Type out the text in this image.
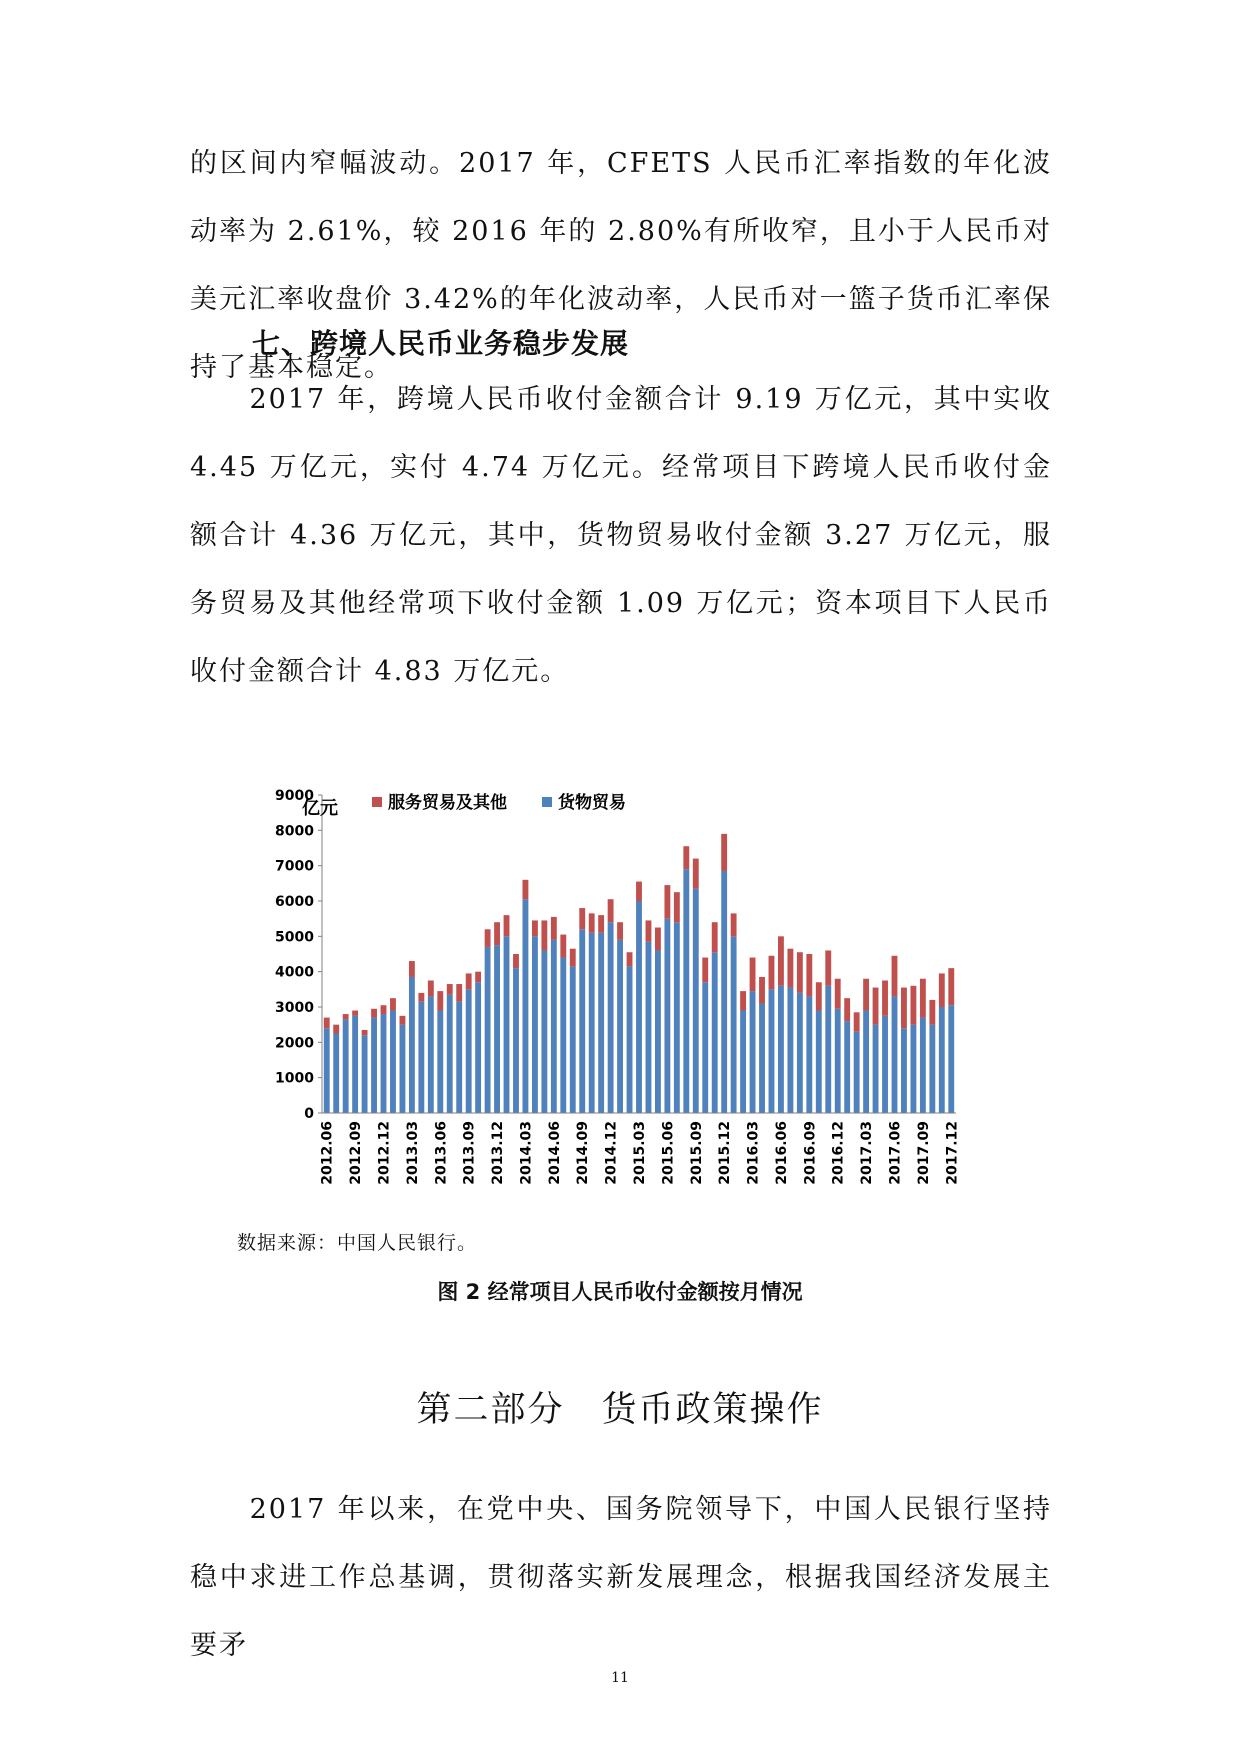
的区间内窄幅波动。2017 年，CFETS 人民币汇率指数的年化波动率为 2.61%，较 2016 年的 2.80%有所收窄，且小于人民币对美元汇率收盘价 3.42%的年化波动率，人民币对一篮子货币汇率保持了基本稳定。

七、跨境人民币业务稳步发展

　　2017 年，跨境人民币收付金额合计 9.19 万亿元，其中实收 4.45 万亿元，实付 4.74 万亿元。经常项目下跨境人民币收付金额合计 4.36 万亿元，其中，货物贸易收付金额 3.27 万亿元，服务贸易及其他经常项下收付金额 1.09 万亿元；资本项目下人民币收付金额合计 4.83 万亿元。

0
1000
2000
3000
4000
5000
6000
7000
8000
9000
2012.06 2012.09 2012.12 2013.03 2013.06 2013.09 2013.12 2014.03 2014.06 2014.09 2014.12 2015.03 2015.06 2015.09 2015.12 2016.03 2016.06 2016.09 2016.12 2017.03 2017.06 2017.09 2017.12
亿元	服务贸易及其他	货物贸易
数据来源：中国人民银行。
图 2 经常项目人民币收付金额按月情况
第二部分　货币政策操作

　　2017 年以来，在党中央、国务院领导下，中国人民银行坚持稳中求进工作总基调，贯彻落实新发展理念，根据我国经济发展主要矛

11
